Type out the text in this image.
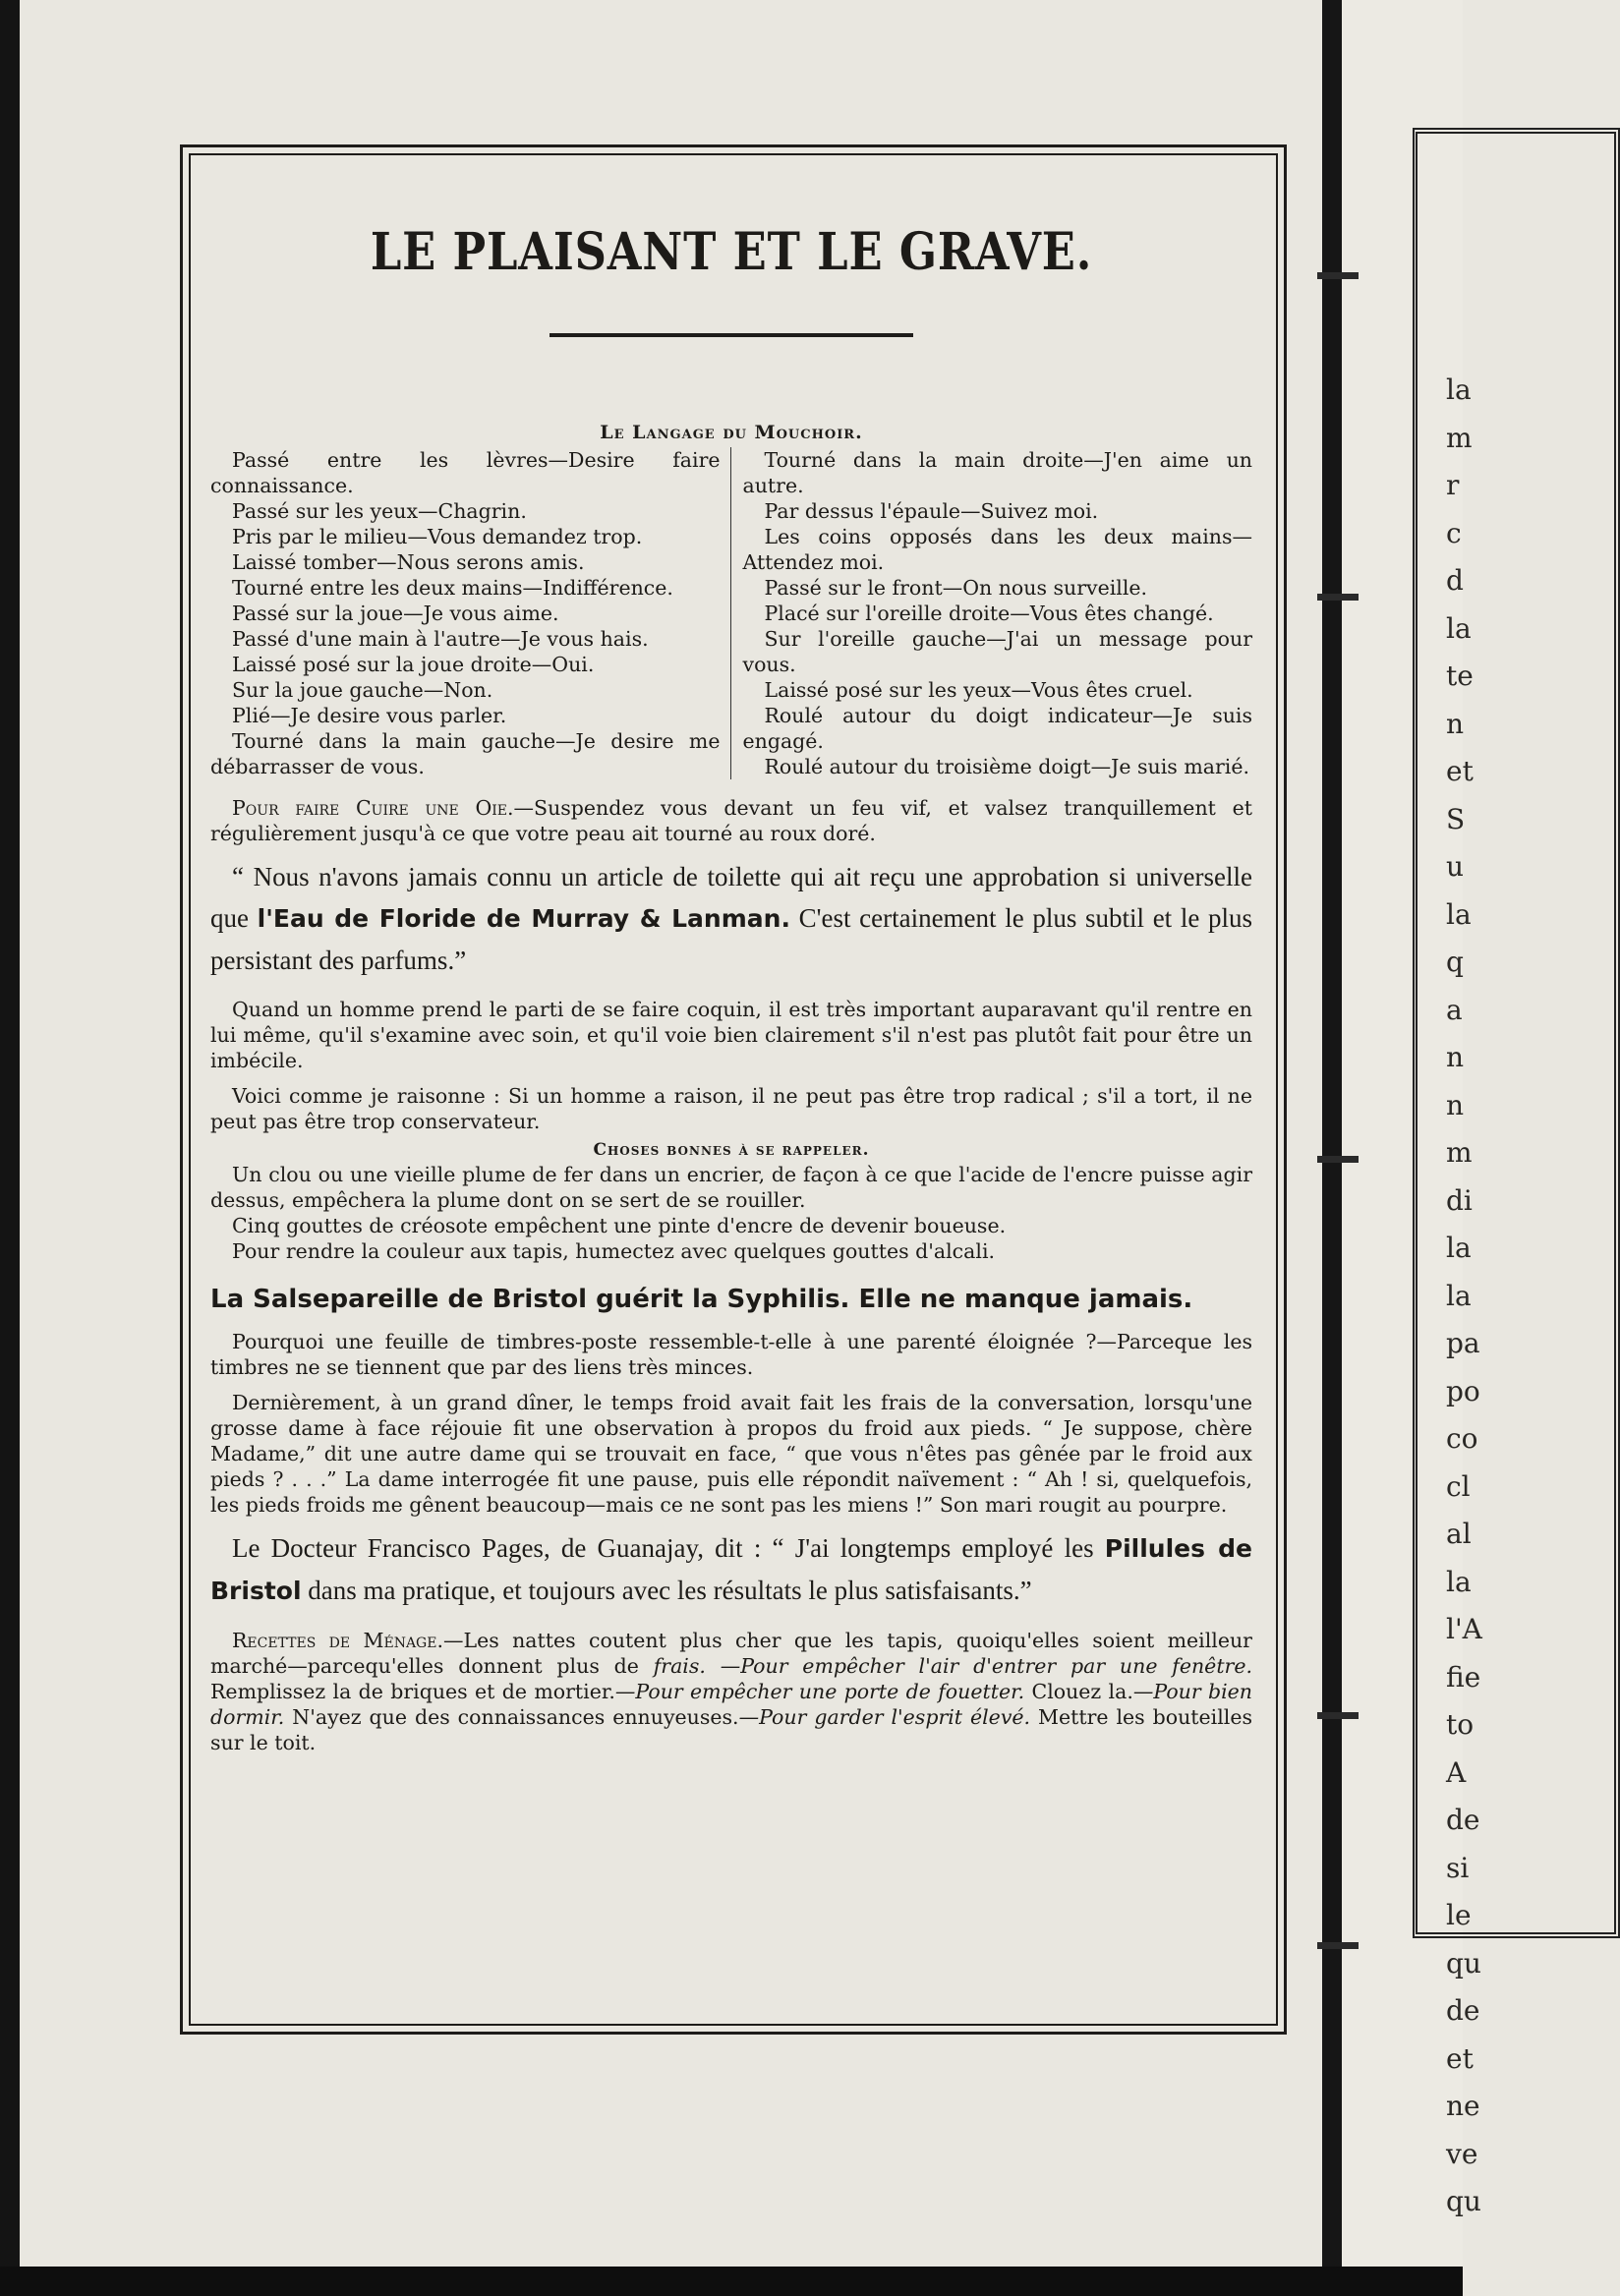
la
m
r
c
d
la
te
n
et
S
u
la
q
a
n
n
m
di
la
la
pa
po
co
cl
al
la
l'A
fie
to
A
de
si
le
qu
de
et
ne
ve
qu
LE PLAISANT ET LE GRAVE.
Le Langage du Mouchoir.

Passé entre les lèvres—Desire faire connaissance.

Passé sur les yeux—Chagrin.

Pris par le milieu—Vous demandez trop.

Laissé tomber—Nous serons amis.

Tourné entre les deux mains—Indifférence.

Passé sur la joue—Je vous aime.

Passé d'une main à l'autre—Je vous hais.

Laissé posé sur la joue droite—Oui.

Sur la joue gauche—Non.

Plié—Je desire vous parler.

Tourné dans la main gauche—Je desire me débarrasser de vous.

Tourné dans la main droite—J'en aime un autre.

Par dessus l'épaule—Suivez moi.

Les coins opposés dans les deux mains—Attendez moi.

Passé sur le front—On nous surveille.

Placé sur l'oreille droite—Vous êtes changé.

Sur l'oreille gauche—J'ai un message pour vous.

Laissé posé sur les yeux—Vous êtes cruel.

Roulé autour du doigt indicateur—Je suis engagé.

Roulé autour du troisième doigt—Je suis marié.

Pour faire Cuire une Oie.—Suspendez vous devant un feu vif, et valsez tranquillement et régulièrement jusqu'à ce que votre peau ait tourné au roux doré.

“ Nous n'avons jamais connu un article de toilette qui ait reçu une approbation si universelle que l'Eau de Floride de Murray & Lanman. C'est certainement le plus subtil et le plus persistant des parfums.”

Quand un homme prend le parti de se faire coquin, il est très important auparavant qu'il rentre en lui même, qu'il s'examine avec soin, et qu'il voie bien clairement s'il n'est pas plutôt fait pour être un imbécile.

Voici comme je raisonne : Si un homme a raison, il ne peut pas être trop radical ; s'il a tort, il ne peut pas être trop conservateur.

Choses bonnes à se rappeler.

Un clou ou une vieille plume de fer dans un encrier, de façon à ce que l'acide de l'encre puisse agir dessus, empêchera la plume dont on se sert de se rouiller.

Cinq gouttes de créosote empêchent une pinte d'encre de devenir boueuse.

Pour rendre la couleur aux tapis, humectez avec quelques gouttes d'alcali.

La Salsepareille de Bristol guérit la Syphilis. Elle ne manque jamais.

Pourquoi une feuille de timbres-poste ressemble-t-elle à une parenté éloignée ?—Parceque les timbres ne se tiennent que par des liens très minces.

Dernièrement, à un grand dîner, le temps froid avait fait les frais de la conversation, lorsqu'une grosse dame à face réjouie fit une observation à propos du froid aux pieds. “ Je suppose, chère Madame,” dit une autre dame qui se trouvait en face, “ que vous n'êtes pas gênée par le froid aux pieds ? . . .” La dame interrogée fit une pause, puis elle répondit naïvement : “ Ah ! si, quelquefois, les pieds froids me gênent beaucoup—mais ce ne sont pas les miens !” Son mari rougit au pourpre.

Le Docteur Francisco Pages, de Guanajay, dit : “ J'ai longtemps employé les Pillules de Bristol dans ma pratique, et toujours avec les résultats le plus satisfaisants.”

Recettes de Ménage.—Les nattes coutent plus cher que les tapis, quoiqu'elles soient meilleur marché—parcequ'elles donnent plus de frais. —Pour empêcher l'air d'entrer par une fenêtre. Remplissez la de briques et de mortier.—Pour empêcher une porte de fouetter. Clouez la.—Pour bien dormir. N'ayez que des connaissances ennuyeuses.—Pour garder l'esprit élevé. Mettre les bouteilles sur le toit.
